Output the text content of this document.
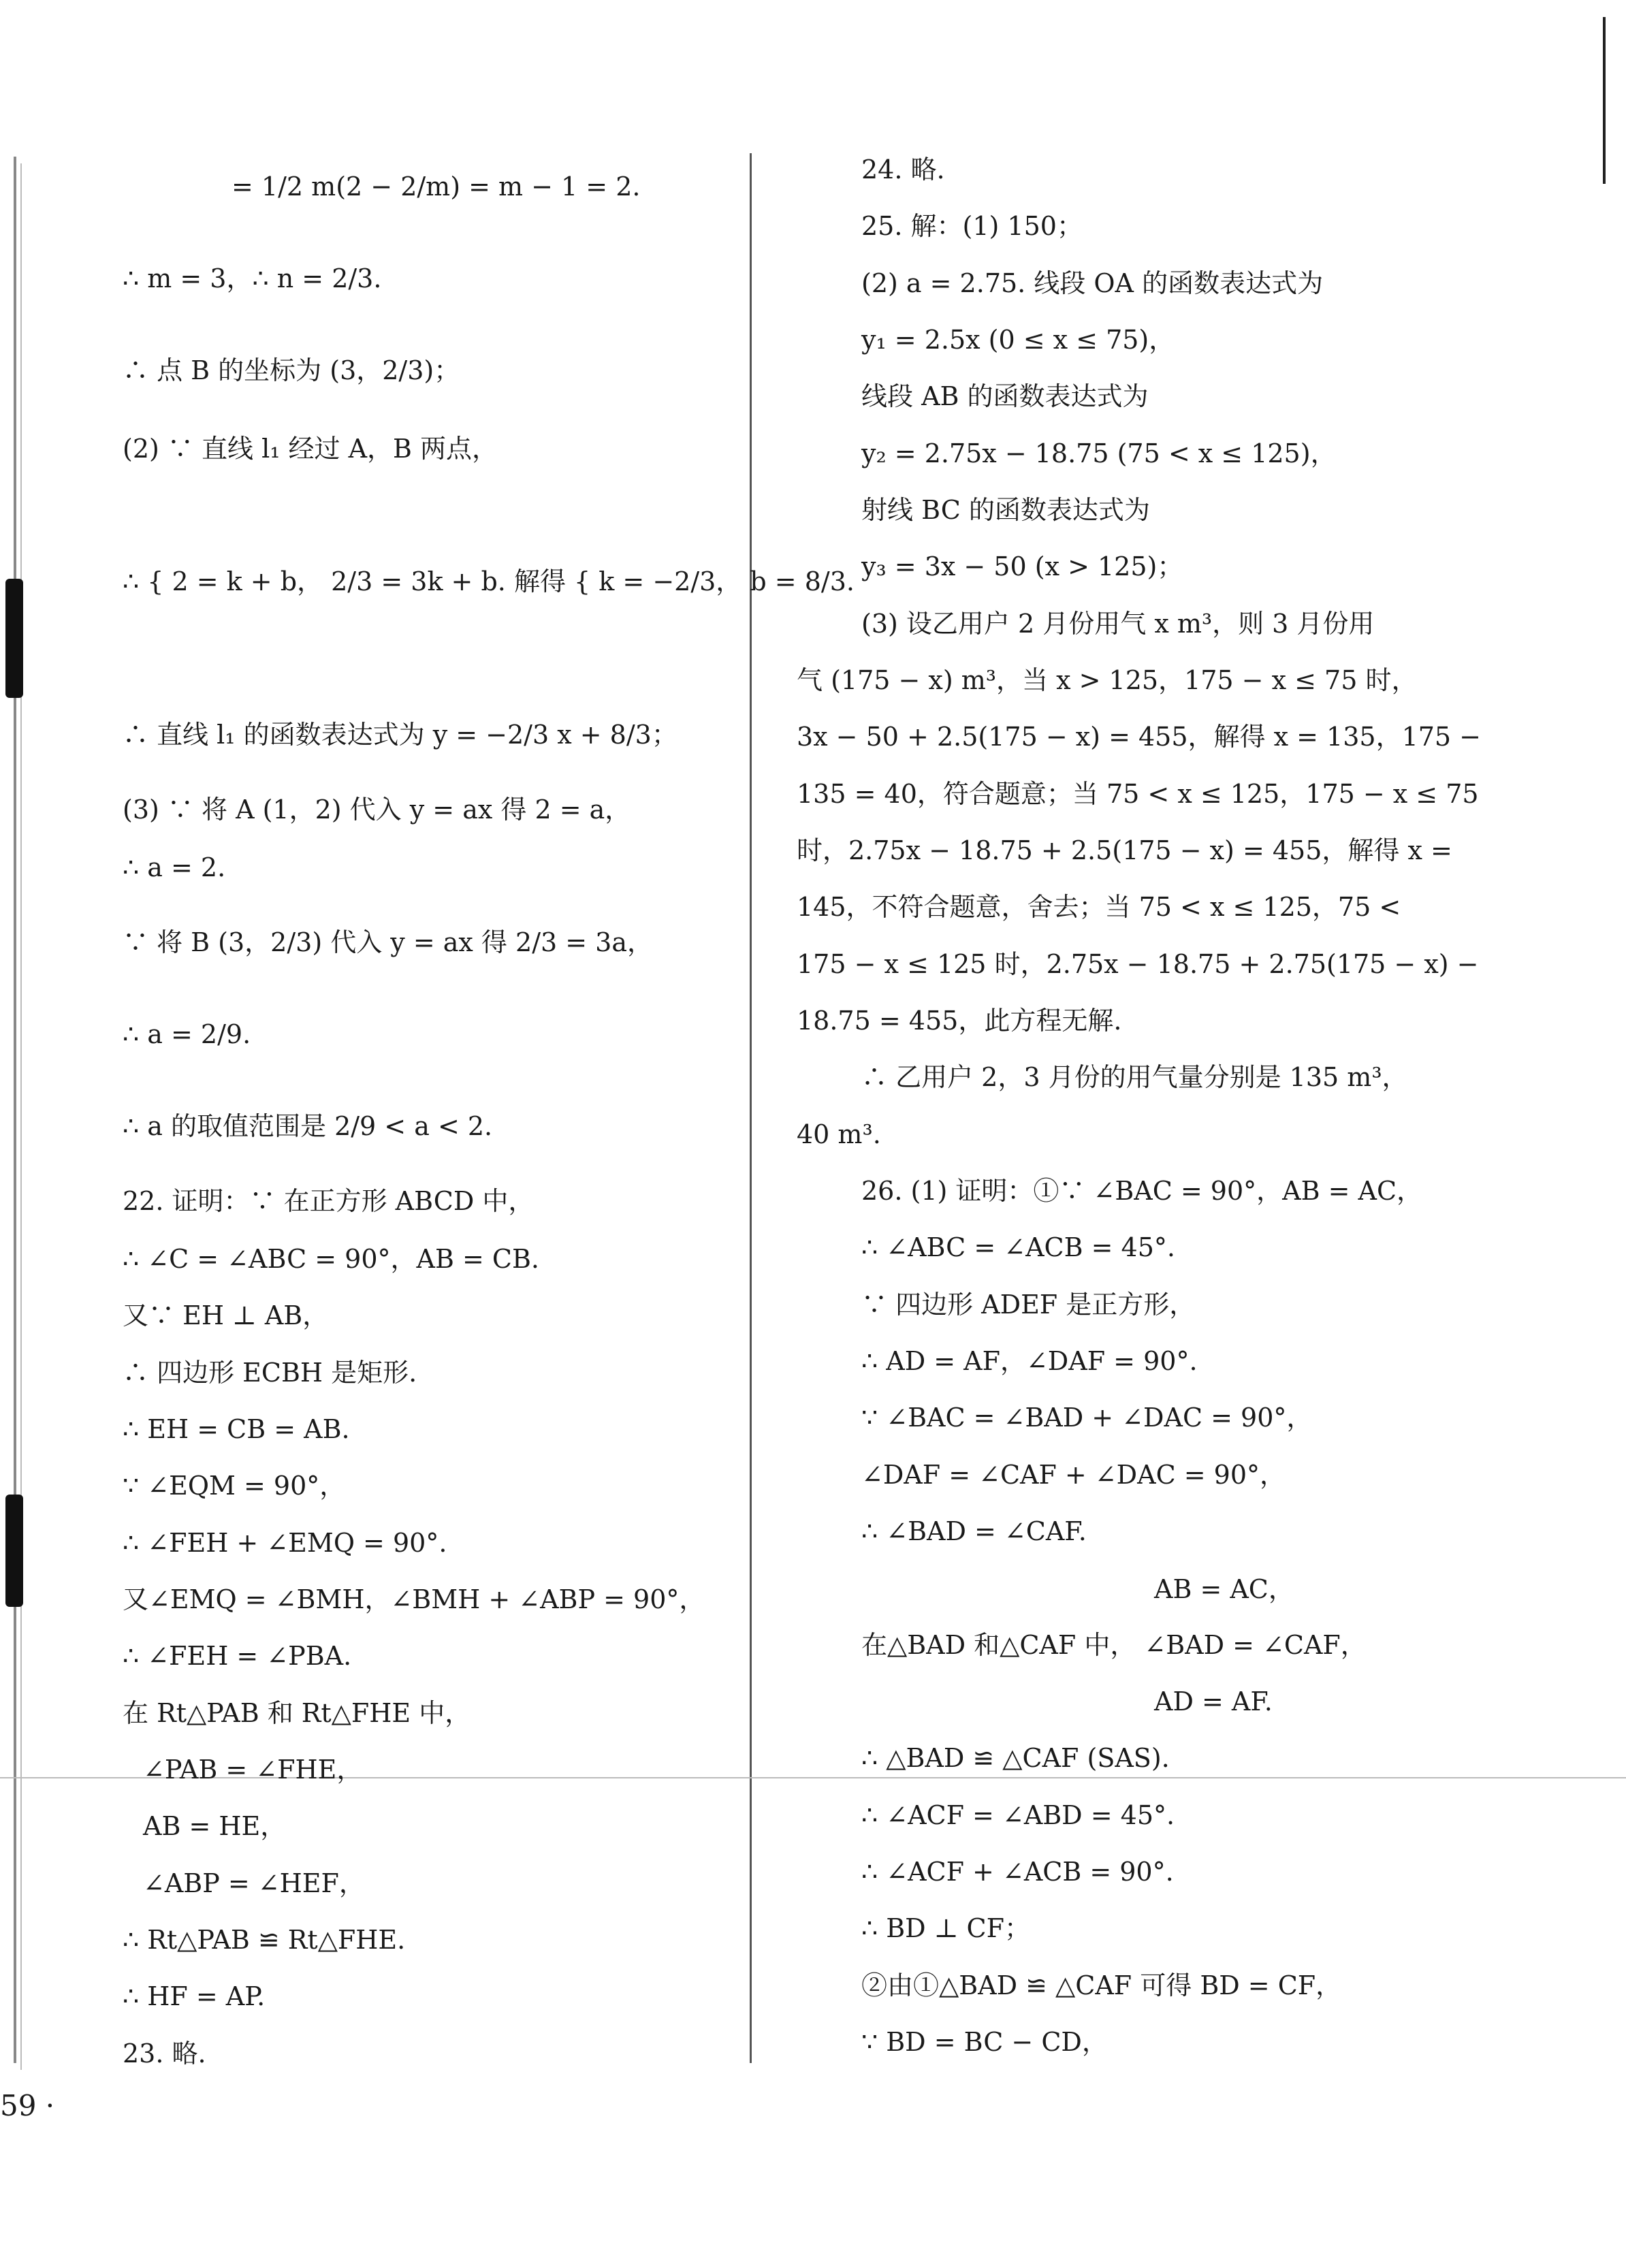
= 1/2 m(2 − 2/m) = m − 1 = 2.
∴ m = 3，∴ n = 2/3.
∴ 点 B 的坐标为 (3，2/3)；
(2) ∵ 直线 l₁ 经过 A，B 两点，
∴ { 2 = k + b， 2/3 = 3k + b. 解得 { k = −2/3， b = 8/3.
∴ 直线 l₁ 的函数表达式为 y = −2/3 x + 8/3；
(3) ∵ 将 A (1，2) 代入 y = ax 得 2 = a，
∴ a = 2.
∵ 将 B (3，2/3) 代入 y = ax 得 2/3 = 3a，
∴ a = 2/9.
∴ a 的取值范围是 2/9 < a < 2.
22. 证明：∵ 在正方形 ABCD 中，
∴ ∠C = ∠ABC = 90°，AB = CB.
又∵ EH ⊥ AB，
∴ 四边形 ECBH 是矩形.
∴ EH = CB = AB.
∵ ∠EQM = 90°，
∴ ∠FEH + ∠EMQ = 90°.
又∠EMQ = ∠BMH，∠BMH + ∠ABP = 90°，
∴ ∠FEH = ∠PBA.
在 Rt△PAB 和 Rt△FHE 中，
∠PAB = ∠FHE，
AB = HE，
∠ABP = ∠HEF，
∴ Rt△PAB ≌ Rt△FHE.
∴ HF = AP.
23. 略.
24. 略.
25. 解：(1) 150；
(2) a = 2.75. 线段 OA 的函数表达式为
y₁ = 2.5x (0 ≤ x ≤ 75)，
线段 AB 的函数表达式为
y₂ = 2.75x − 18.75 (75 < x ≤ 125)，
射线 BC 的函数表达式为
y₃ = 3x − 50 (x > 125)；
(3) 设乙用户 2 月份用气 x m³，则 3 月份用
气 (175 − x) m³，当 x > 125，175 − x ≤ 75 时，
3x − 50 + 2.5(175 − x) = 455，解得 x = 135，175 −
135 = 40，符合题意；当 75 < x ≤ 125，175 − x ≤ 75
时，2.75x − 18.75 + 2.5(175 − x) = 455，解得 x =
145，不符合题意，舍去；当 75 < x ≤ 125，75 <
175 − x ≤ 125 时，2.75x − 18.75 + 2.75(175 − x) −
18.75 = 455，此方程无解.
∴ 乙用户 2，3 月份的用气量分别是 135 m³，
40 m³.
26. (1) 证明：①∵ ∠BAC = 90°，AB = AC，
∴ ∠ABC = ∠ACB = 45°.
∵ 四边形 ADEF 是正方形，
∴ AD = AF，∠DAF = 90°.
∵ ∠BAC = ∠BAD + ∠DAC = 90°，
∠DAF = ∠CAF + ∠DAC = 90°，
∴ ∠BAD = ∠CAF.
AB = AC，
在△BAD 和△CAF 中， ∠BAD = ∠CAF，
AD = AF.
∴ △BAD ≌ △CAF (SAS).
∴ ∠ACF = ∠ABD = 45°.
∴ ∠ACF + ∠ACB = 90°.
∴ BD ⊥ CF；
②由①△BAD ≌ △CAF 可得 BD = CF，
∵ BD = BC − CD，
59 ·
